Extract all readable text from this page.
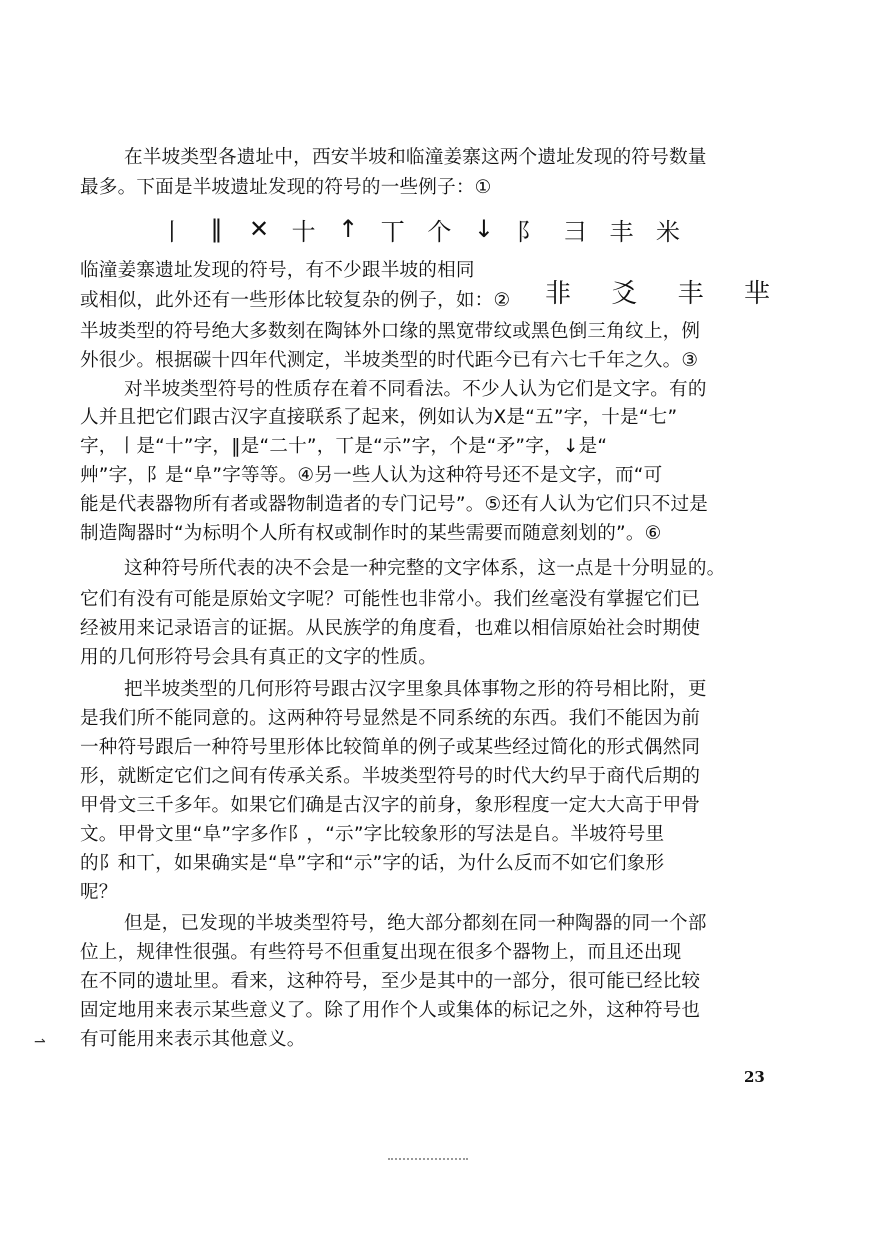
在半坡类型各遗址中，西安半坡和临潼姜寨这两个遗址发现的符号数量
最多。下面是半坡遗址发现的符号的一些例子：①
丨 ‖ ✕ 十 ↑ 丅 个 ↓ 阝 彐 丰 米
临潼姜寨遗址发现的符号，有不少跟半坡的相同
或相似，此外还有一些形体比较复杂的例子，如：②	非 爻 丰 芈
半坡类型的符号绝大多数刻在陶钵外口缘的黑宽带纹或黑色倒三角纹上，例
外很少。根据碳十四年代测定，半坡类型的时代距今已有六七千年之久。③
对半坡类型符号的性质存在着不同看法。不少人认为它们是文字。有的
人并且把它们跟古汉字直接联系了起来，例如认为Ⅹ是“五”字，十是“七”
字，丨是“十”字，‖是“二十”，丅是“示”字，个是“矛”字，↓是“
艸”字，阝是“阜”字等等。④另一些人认为这种符号还不是文字，而“可
能是代表器物所有者或器物制造者的专门记号”。⑤还有人认为它们只不过是
制造陶器时“为标明个人所有权或制作时的某些需要而随意刻划的”。⑥
这种符号所代表的决不会是一种完整的文字体系，这一点是十分明显的。
它们有没有可能是原始文字呢？可能性也非常小。我们丝毫没有掌握它们已
经被用来记录语言的证据。从民族学的角度看，也难以相信原始社会时期使
用的几何形符号会具有真正的文字的性质。
把半坡类型的几何形符号跟古汉字里象具体事物之形的符号相比附，更
是我们所不能同意的。这两种符号显然是不同系统的东西。我们不能因为前
一种符号跟后一种符号里形体比较简单的例子或某些经过简化的形式偶然同
形，就断定它们之间有传承关系。半坡类型符号的时代大约早于商代后期的
甲骨文三千多年。如果它们确是古汉字的前身，象形程度一定大大高于甲骨
文。甲骨文里“阜”字多作阝，“示”字比较象形的写法是𠂤。半坡符号里
的阝和丅，如果确实是“阜”字和“示”字的话，为什么反而不如它们象形
呢？
但是，已发现的半坡类型符号，绝大部分都刻在同一种陶器的同一个部
位上，规律性很强。有些符号不但重复出现在很多个器物上，而且还出现
在不同的遗址里。看来，这种符号，至少是其中的一部分，很可能已经比较
固定地用来表示某些意义了。除了用作个人或集体的标记之外，这种符号也
有可能用来表示其他意义。
⇀
23
